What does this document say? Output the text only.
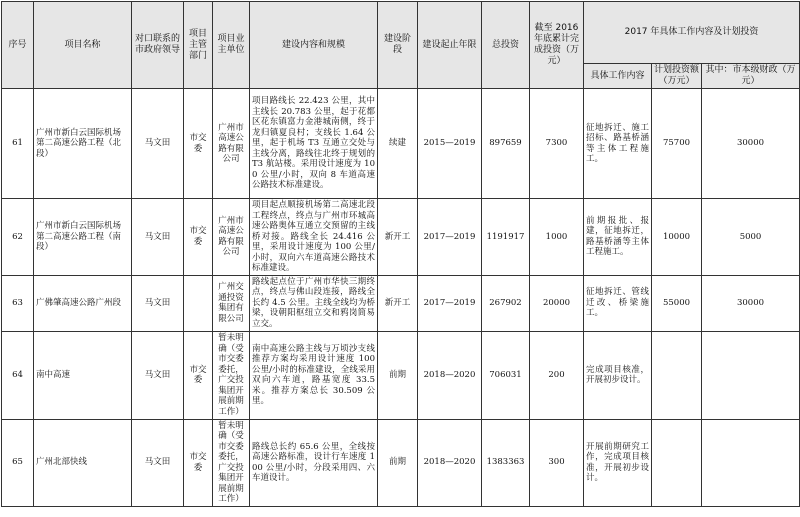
序号	项目名称	对口联系的市政府领导	项目主管部门	项目业主单位	建设内容和规模	建设阶段	建设起止年限	总投资	截至 2016 年底累计完成投资（万元）	2017 年具体工作内容及计划投资		
										具体工作内容	计划投资额（万元）	其中：市本级财政（万元）
61	广州市新白云国际机场第二高速公路工程（北段）	马文田	市交委	广州市高速公路有限公司	项目路线长 22.423 公里，其中主线长 20.783 公里，起于花都区花东镇富力金港城南侧，终于龙归镇夏良村；支线长 1.64 公里，起于机场 T3 互通立交处与主线分离，路线往北终于规划的 T3 航站楼。采用设计速度为 100 公里/小时，双向 8 车道高速公路技术标准建设。	续建	2015—2019	897659	7300	征地拆迁、施工招标、路基桥涵等主体工程施工。	75700	30000
62	广州市新白云国际机场第二高速公路工程（南段）	马文田	市交委	广州市高速公路有限公司	项目起点顺接机场第二高速北段工程终点，终点与广州市环城高速公路奥体互通立交预留的主线桥对接。路线全长 24.416 公里，采用设计速度为 100 公里/小时，双向六车道高速公路技术标准建设。	新开工	2017—2019	1191917	1000	前期报批、报建，征地拆迁，路基桥涵等主体工程施工。	10000	5000
63	广佛肇高速公路广州段	马文田		广州交通投资集团有限公司	路线起点位于广州市华快三期终点，终点与佛山段连接，路线全长约 4.5 公里。主线全线均为桥梁，设朝阳枢纽立交和鸦岗简易立交。	新开工	2017—2019	267902	20000	征地拆迁、管线迁改、桥梁施工。	55000	30000
64	南中高速	马文田	市交委	暂未明确（受市交委委托，广交投集团开展前期工作）	南中高速公路主线与万顷沙支线推荐方案均采用设计速度 100 公里/小时的标准建设，全线采用双向六车道，路基宽度 33.5 米。推荐方案总长 30.509 公里。	前期	2018—2020	706031	200	完成项目核准，开展初步设计。		
65	广州北部快线	马文田	市交委	暂未明确（受市交委委托，广交投集团开展前期工作）	路线总长约 65.6 公里，全线按高速公路标准，设计行车速度 100 公里/小时，分段采用四、六车道设计。	前期	2018—2020	1383363	300	开展前期研究工作，完成项目核准，开展初步设计。		
